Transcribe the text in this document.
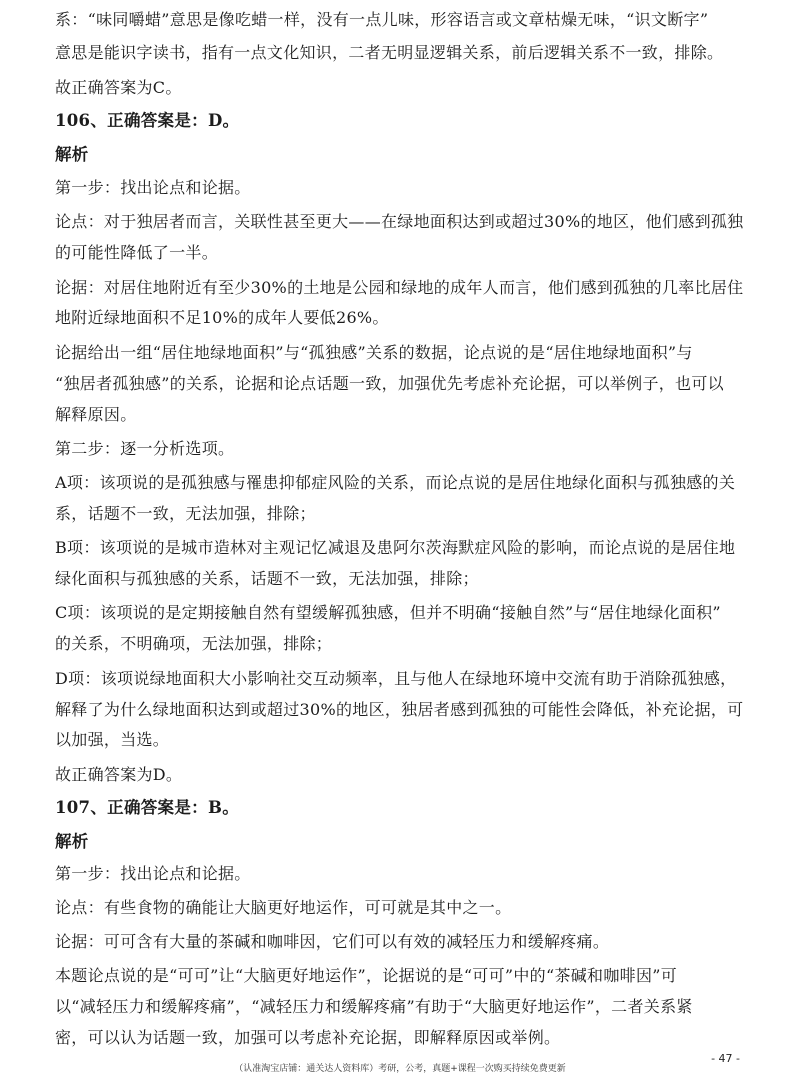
系：“味同嚼蜡”意思是像吃蜡一样，没有一点儿味，形容语言或文章枯燥无味，“识文断字”
意思是能识字读书，指有一点文化知识，二者无明显逻辑关系，前后逻辑关系不一致，排除。
故正确答案为C。
106、正确答案是：D。
解析
第一步：找出论点和论据。
论点：对于独居者而言，关联性甚至更大——在绿地面积达到或超过30%的地区，他们感到孤独
的可能性降低了一半。
论据：对居住地附近有至少30%的土地是公园和绿地的成年人而言，他们感到孤独的几率比居住
地附近绿地面积不足10%的成年人要低26%。
论据给出一组“居住地绿地面积”与“孤独感”关系的数据，论点说的是“居住地绿地面积”与
“独居者孤独感”的关系，论据和论点话题一致，加强优先考虑补充论据，可以举例子，也可以
解释原因。
第二步：逐一分析选项。
A项：该项说的是孤独感与罹患抑郁症风险的关系，而论点说的是居住地绿化面积与孤独感的关
系，话题不一致，无法加强，排除；
B项：该项说的是城市造林对主观记忆减退及患阿尔茨海默症风险的影响，而论点说的是居住地
绿化面积与孤独感的关系，话题不一致，无法加强，排除；
C项：该项说的是定期接触自然有望缓解孤独感，但并不明确“接触自然”与“居住地绿化面积”
的关系，不明确项，无法加强，排除；
D项：该项说绿地面积大小影响社交互动频率，且与他人在绿地环境中交流有助于消除孤独感，
解释了为什么绿地面积达到或超过30%的地区，独居者感到孤独的可能性会降低，补充论据，可
以加强，当选。
故正确答案为D。
107、正确答案是：B。
解析
第一步：找出论点和论据。
论点：有些食物的确能让大脑更好地运作，可可就是其中之一。
论据：可可含有大量的茶碱和咖啡因，它们可以有效的减轻压力和缓解疼痛。
本题论点说的是“可可”让“大脑更好地运作”，论据说的是“可可”中的“茶碱和咖啡因”可
以“减轻压力和缓解疼痛”，“减轻压力和缓解疼痛”有助于“大脑更好地运作”，二者关系紧
密，可以认为话题一致，加强可以考虑补充论据，即解释原因或举例。
- 47 -
（认准淘宝店铺：通关达人资料库）考研，公考，真题+课程一次购买持续免费更新
